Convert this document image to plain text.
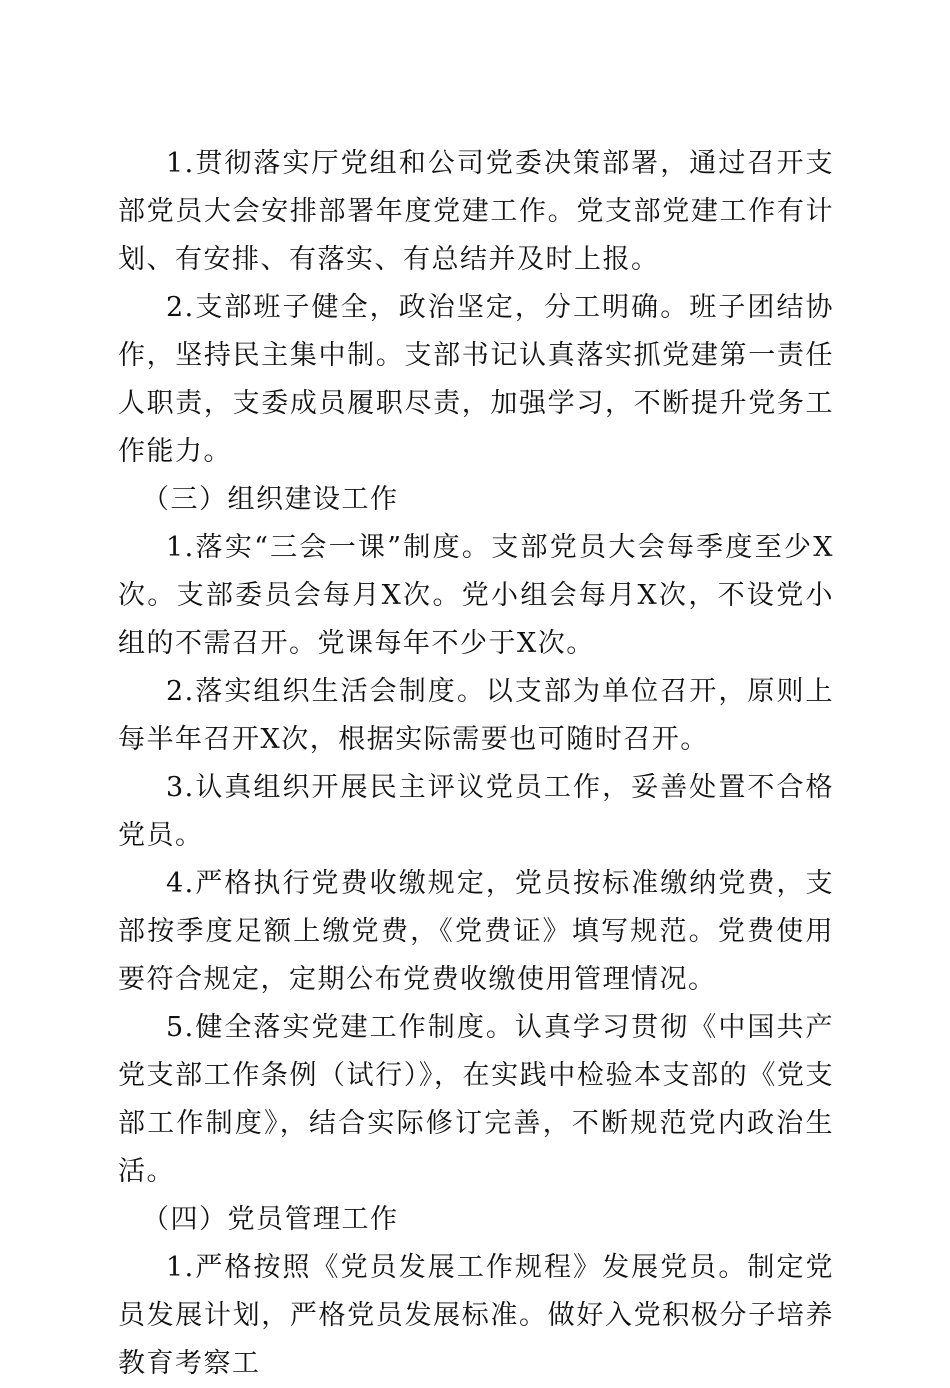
1.贯彻落实厅党组和公司党委决策部署，通过召开支部党员大会安排部署年度党建工作。党支部党建工作有计划、有安排、有落实、有总结并及时上报。

2.支部班子健全，政治坚定，分工明确。班子团结协作，坚持民主集中制。支部书记认真落实抓党建第一责任人职责，支委成员履职尽责，加强学习，不断提升党务工作能力。

（三）组织建设工作

1.落实“三会一课”制度。支部党员大会每季度至少X次。支部委员会每月X次。党小组会每月X次，不设党小组的不需召开。党课每年不少于X次。

2.落实组织生活会制度。以支部为单位召开，原则上每半年召开X次，根据实际需要也可随时召开。

3.认真组织开展民主评议党员工作，妥善处置不合格党员。

4.严格执行党费收缴规定，党员按标准缴纳党费，支部按季度足额上缴党费，《党费证》填写规范。党费使用要符合规定，定期公布党费收缴使用管理情况。

5.健全落实党建工作制度。认真学习贯彻《中国共产党支部工作条例（试行）》，在实践中检验本支部的《党支部工作制度》，结合实际修订完善，不断规范党内政治生活。

（四）党员管理工作

1.严格按照《党员发展工作规程》发展党员。制定党员发展计划，严格党员发展标准。做好入党积极分子培养教育考察工
